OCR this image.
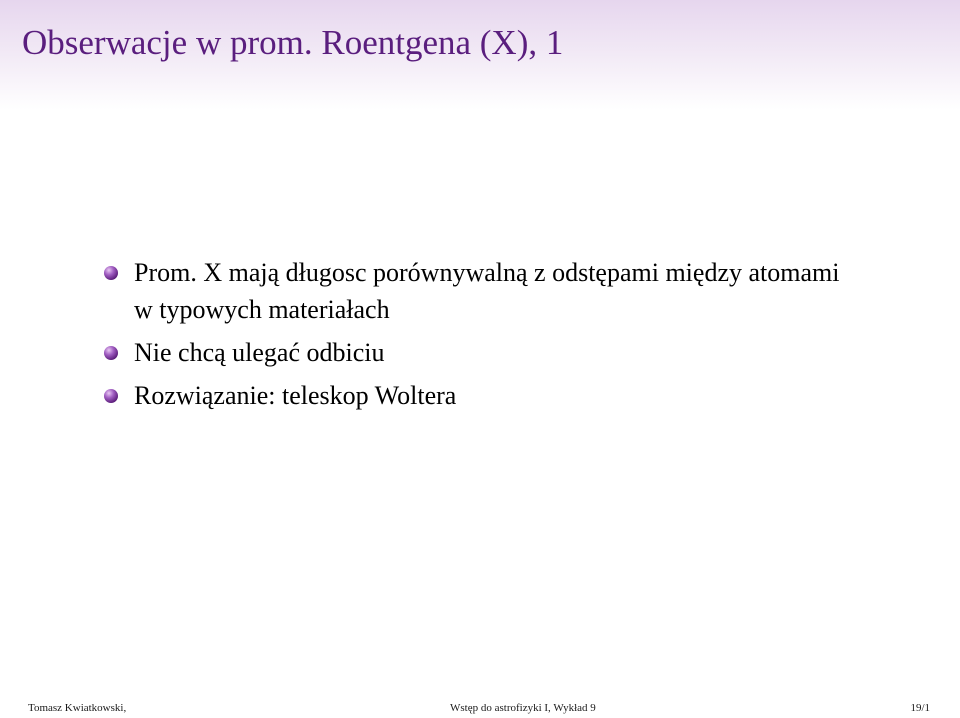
Obserwacje w prom. Roentgena (X), 1
Prom. X mają długosc porównywalną z odstępami między atomami w typowych materiałach
Nie chcą ulegać odbiciu
Rozwiązanie: teleskop Woltera
Tomasz Kwiatkowski,	Wstęp do astrofizyki I, Wykład 9	19/1
